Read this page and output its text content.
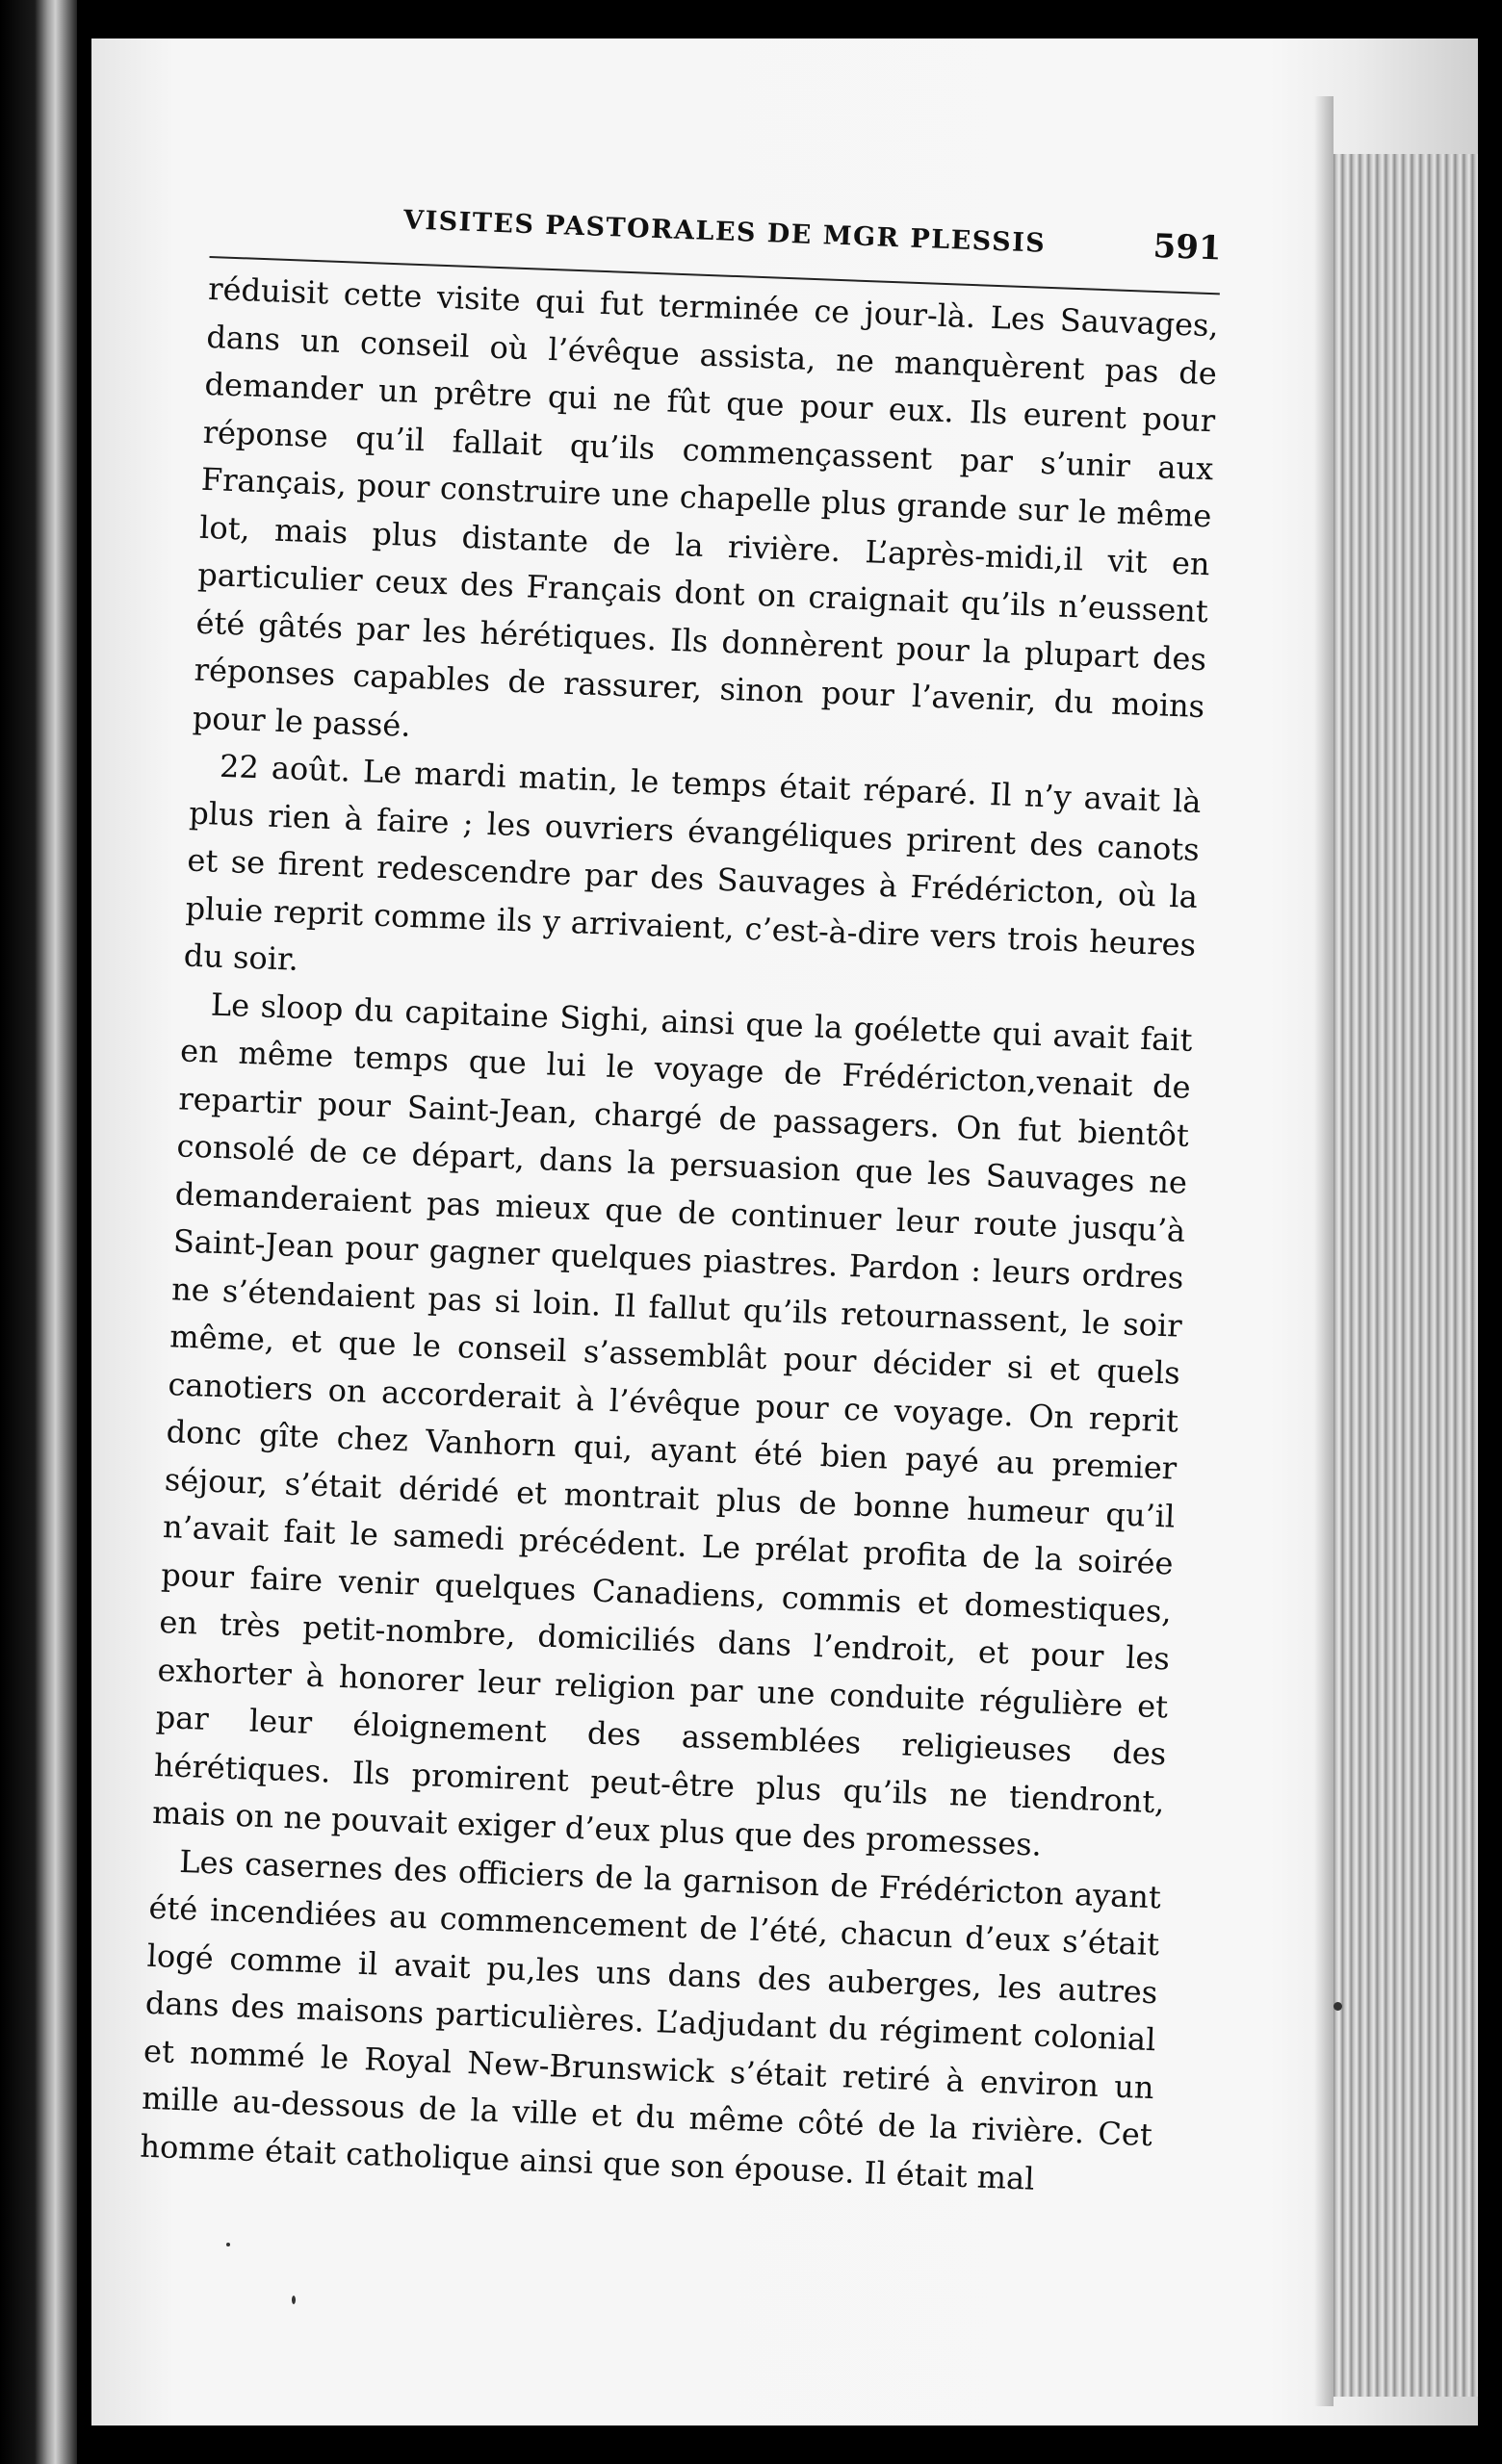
VISITES PASTORALES DE MGR PLESSIS	591

réduisit cette visite qui fut terminée ce jour-là. Les Sauvages, dans un conseil où l’évêque assista, ne manquèrent pas de demander un prêtre qui ne fût que pour eux. Ils eurent pour réponse qu’il fallait qu’ils commençassent par s’unir aux Français, pour construire une chapelle plus grande sur le même lot, mais plus distante de la rivière. L’après-midi,il vit en particulier ceux des Français dont on craignait qu’ils n’eussent été gâtés par les hérétiques. Ils donnèrent pour la plupart des réponses capables de rassurer, sinon pour l’avenir, du moins pour le passé.

22 août. Le mardi matin, le temps était réparé. Il n’y avait là plus rien à faire ; les ouvriers évangéliques prirent des canots et se firent redescendre par des Sauvages à Frédéricton, où la pluie reprit comme ils y arrivaient, c’est-à-dire vers trois heures du soir.

Le sloop du capitaine Sighi, ainsi que la goélette qui avait fait en même temps que lui le voyage de Frédéricton,venait de repartir pour Saint-Jean, chargé de passagers. On fut bientôt consolé de ce départ, dans la persuasion que les Sauvages ne demanderaient pas mieux que de continuer leur route jusqu’à Saint-Jean pour gagner quelques piastres. Pardon : leurs ordres ne s’étendaient pas si loin. Il fallut qu’ils retournassent, le soir même, et que le conseil s’assemblât pour décider si et quels canotiers on accorderait à l’évêque pour ce voyage. On reprit donc gîte chez Vanhorn qui, ayant été bien payé au premier séjour, s’était déridé et montrait plus de bonne humeur qu’il n’avait fait le samedi précédent. Le prélat profita de la soirée pour faire venir quelques Canadiens, commis et domestiques, en très petit-nombre, domiciliés dans l’endroit, et pour les exhorter à honorer leur religion par une conduite régulière et par leur éloignement des assemblées religieuses des hérétiques. Ils promirent peut-être plus qu’ils ne tiendront, mais on ne pouvait exiger d’eux plus que des promesses.

Les casernes des officiers de la garnison de Frédéricton ayant été incendiées au commencement de l’été, chacun d’eux s’était logé comme il avait pu,les uns dans des auberges, les autres dans des maisons particulières. L’adjudant du régiment colonial et nommé le Royal New-Brunswick s’était retiré à environ un mille au-dessous de la ville et du même côté de la rivière. Cet homme était catholique ainsi que son épouse. Il était mal
